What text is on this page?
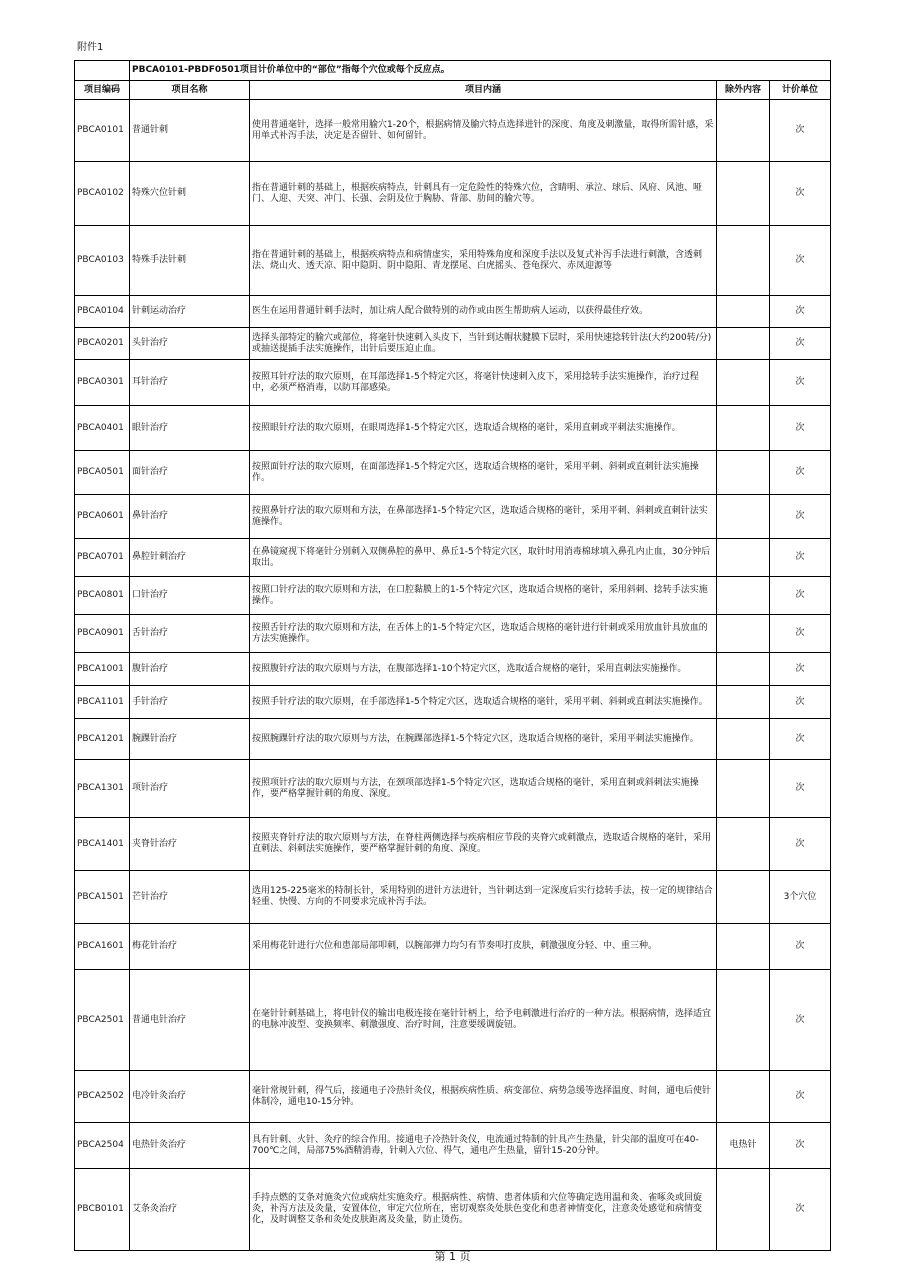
附件1
	PBCA0101-PBDF0501项目计价单位中的“部位”指每个穴位或每个反应点。			
项目编码	项目名称	项目内涵	除外内容	计价单位
PBCA0101	普通针刺	使用普通毫针，选择一般常用腧穴1-20个，根据病情及腧穴特点选择进针的深度、角度及刺激量，取得所需针感，采用单式补泻手法，决定是否留针、如何留针。		次
PBCA0102	特殊穴位针刺	指在普通针刺的基础上，根据疾病特点，针刺具有一定危险性的特殊穴位，含睛明、承泣、球后、风府、风池、哑门、人迎、天突、冲门、长强、会阴及位于胸胁、背部、肋间的腧穴等。		次
PBCA0103	特殊手法针刺	指在普通针刺的基础上，根据疾病特点和病情虚实，采用特殊角度和深度手法以及复式补泻手法进行刺激，含透刺法、烧山火、透天凉、阳中隐阴、阴中隐阳、青龙摆尾、白虎摇头、苍龟探穴、赤凤迎源等		次
PBCA0104	针刺运动治疗	医生在运用普通针刺手法时，加让病人配合做特别的动作或由医生帮助病人运动，以获得最佳疗效。		次
PBCA0201	头针治疗	选择头部特定的腧穴或部位，将毫针快速刺入头皮下，当针到达帽状腱膜下层时，采用快速捻转针法(大约200转/分)或抽送提插手法实施操作，出针后要压迫止血。		次
PBCA0301	耳针治疗	按照耳针疗法的取穴原则，在耳部选择1-5个特定穴区，将毫针快速刺入皮下，采用捻转手法实施操作，治疗过程中，必须严格消毒，以防耳部感染。		次
PBCA0401	眼针治疗	按照眼针疗法的取穴原则，在眼周选择1-5个特定穴区，选取适合规格的毫针，采用直刺或平刺法实施操作。		次
PBCA0501	面针治疗	按照面针疗法的取穴原则，在面部选择1-5个特定穴区，选取适合规格的毫针，采用平刺、斜刺或直刺针法实施操作。		次
PBCA0601	鼻针治疗	按照鼻针疗法的取穴原则和方法，在鼻部选择1-5个特定穴区，选取适合规格的毫针，采用平刺、斜刺或直刺针法实施操作。		次
PBCA0701	鼻腔针刺治疗	在鼻镜窥视下将毫针分别刺入双侧鼻腔的鼻甲、鼻丘1-5个特定穴区，取针时用消毒棉球填入鼻孔内止血，30分钟后取出。		次
PBCA0801	口针治疗	按照口针疗法的取穴原则和方法，在口腔黏膜上的1-5个特定穴区，选取适合规格的毫针，采用斜刺、捻转手法实施操作。		次
PBCA0901	舌针治疗	按照舌针疗法的取穴原则和方法，在舌体上的1-5个特定穴区，选取适合规格的毫针进行针刺或采用放血针具放血的方法实施操作。		次
PBCA1001	腹针治疗	按照腹针疗法的取穴原则与方法，在腹部选择1-10个特定穴区，选取适合规格的毫针，采用直刺法实施操作。		次
PBCA1101	手针治疗	按照手针疗法的取穴原则，在手部选择1-5个特定穴区，选取适合规格的毫针，采用平刺、斜刺或直刺法实施操作。		次
PBCA1201	腕踝针治疗	按照腕踝针疗法的取穴原则与方法，在腕踝部选择1-5个特定穴区，选取适合规格的毫针，采用平刺法实施操作。		次
PBCA1301	项针治疗	按照项针疗法的取穴原则与方法，在颈项部选择1-5个特定穴区，选取适合规格的毫针，采用直刺或斜刺法实施操作，要严格掌握针刺的角度、深度。		次
PBCA1401	夹脊针治疗	按照夹脊针疗法的取穴原则与方法，在脊柱两侧选择与疾病相应节段的夹脊穴或刺激点，选取适合规格的毫针，采用直刺法、斜刺法实施操作，要严格掌握针刺的角度、深度。		次
PBCA1501	芒针治疗	选用125-225毫米的特制长针，采用特别的进针方法进针，当针刺达到一定深度后实行捻转手法，按一定的规律结合轻重、快慢、方向的不同要求完成补泻手法。		3个穴位
PBCA1601	梅花针治疗	采用梅花针进行穴位和患部局部叩刺，以腕部弹力均匀有节奏叩打皮肤，刺激强度分轻、中、重三种。		次
PBCA2501	普通电针治疗	在毫针针刺基础上，将电针仪的输出电极连接在毫针针柄上，给予电刺激进行治疗的一种方法。根据病情，选择适宜的电脉冲波型、变换频率、刺激强度、治疗时间，注意要缓调旋钮。		次
PBCA2502	电冷针灸治疗	毫针常规针刺，得气后，接通电子冷热针灸仪，根据疾病性质、病变部位、病势急缓等选择温度、时间，通电后使针体制冷，通电10-15分钟。		次
PBCA2504	电热针灸治疗	具有针刺、火针、灸疗的综合作用。接通电子冷热针灸仪，电流通过特制的针具产生热量，针尖部的温度可在40-700℃之间，局部75%酒精消毒，针刺入穴位、得气，通电产生热量，留针15-20分钟。	电热针	次
PBCB0101	艾条灸治疗	手持点燃的艾条对施灸穴位或病灶实施灸疗。根据病性、病情、患者体质和穴位等确定选用温和灸、雀啄灸或回旋灸，补泻方法及灸量，安置体位，审定穴位所在，密切观察灸处肤色变化和患者神情变化，注意灸处感觉和病情变化，及时调整艾条和灸处皮肤距离及灸量，防止烫伤。		次
第 1 页
